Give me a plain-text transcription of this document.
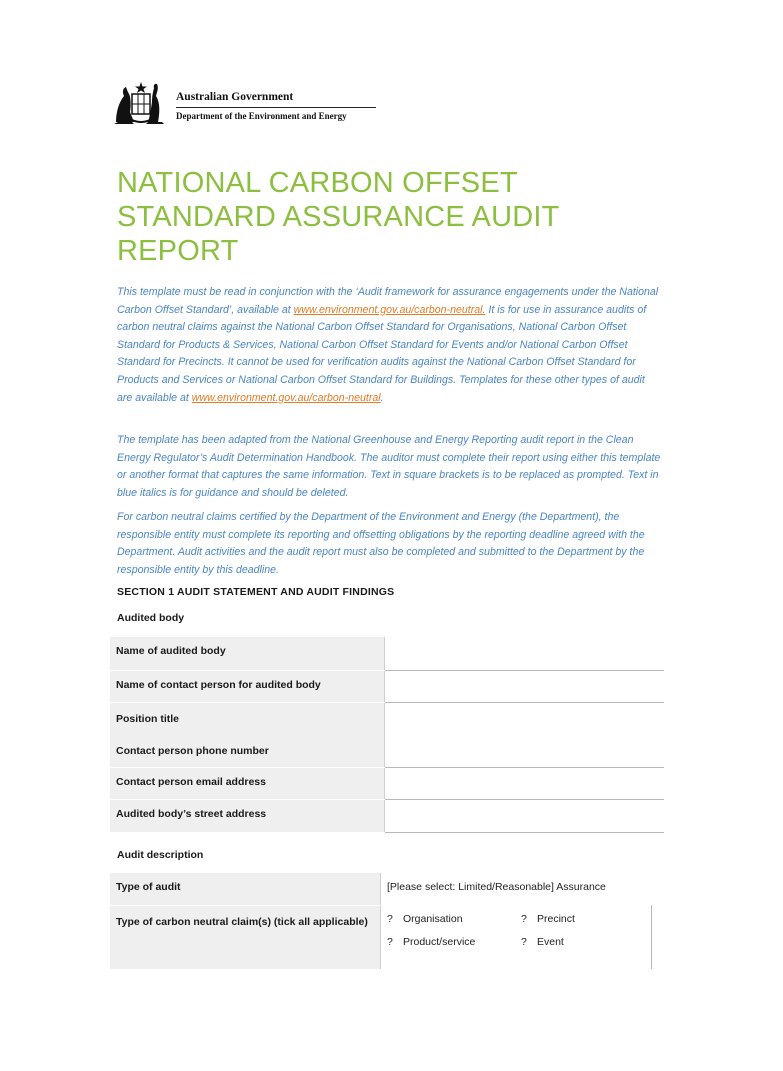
Australian Government
Department of the Environment and Energy
NATIONAL CARBON OFFSET
STANDARD ASSURANCE AUDIT
REPORT

This template must be read in conjunction with the ‘Audit framework for assurance engagements under the National Carbon Offset Standard’, available at www.environment.gov.au/carbon-neutral. It is for use in assurance audits of carbon neutral claims against the National Carbon Offset Standard for Organisations, National Carbon Offset Standard for Products & Services, National Carbon Offset Standard for Events and/or National Carbon Offset Standard for Precincts. It cannot be used for verification audits against the National Carbon Offset Standard for Products and Services or National Carbon Offset Standard for Buildings. Templates for these other types of audit are available at www.environment.gov.au/carbon-neutral.

The template has been adapted from the National Greenhouse and Energy Reporting audit report in the Clean Energy Regulator’s Audit Determination Handbook. The auditor must complete their report using either this template or another format that captures the same information. Text in square brackets is to be replaced as prompted. Text in blue italics is for guidance and should be deleted.

For carbon neutral claims certified by the Department of the Environment and Energy (the Department), the responsible entity must complete its reporting and offsetting obligations by the reporting deadline agreed with the Department. Audit activities and the audit report must also be completed and submitted to the Department by the responsible entity by this deadline.

SECTION 1 AUDIT STATEMENT AND AUDIT FINDINGS
Audited body
Name of audited body	
Name of contact person for audited body	

Position title
Contact person phone number	

Contact person email address	
Audited body’s street address	
Audit description
Type of audit	[Please select: Limited/Reasonable] Assurance
Type of carbon neutral claim(s) (tick all applicable)	? Organisation ? Precinct
? Product/service ? Event
